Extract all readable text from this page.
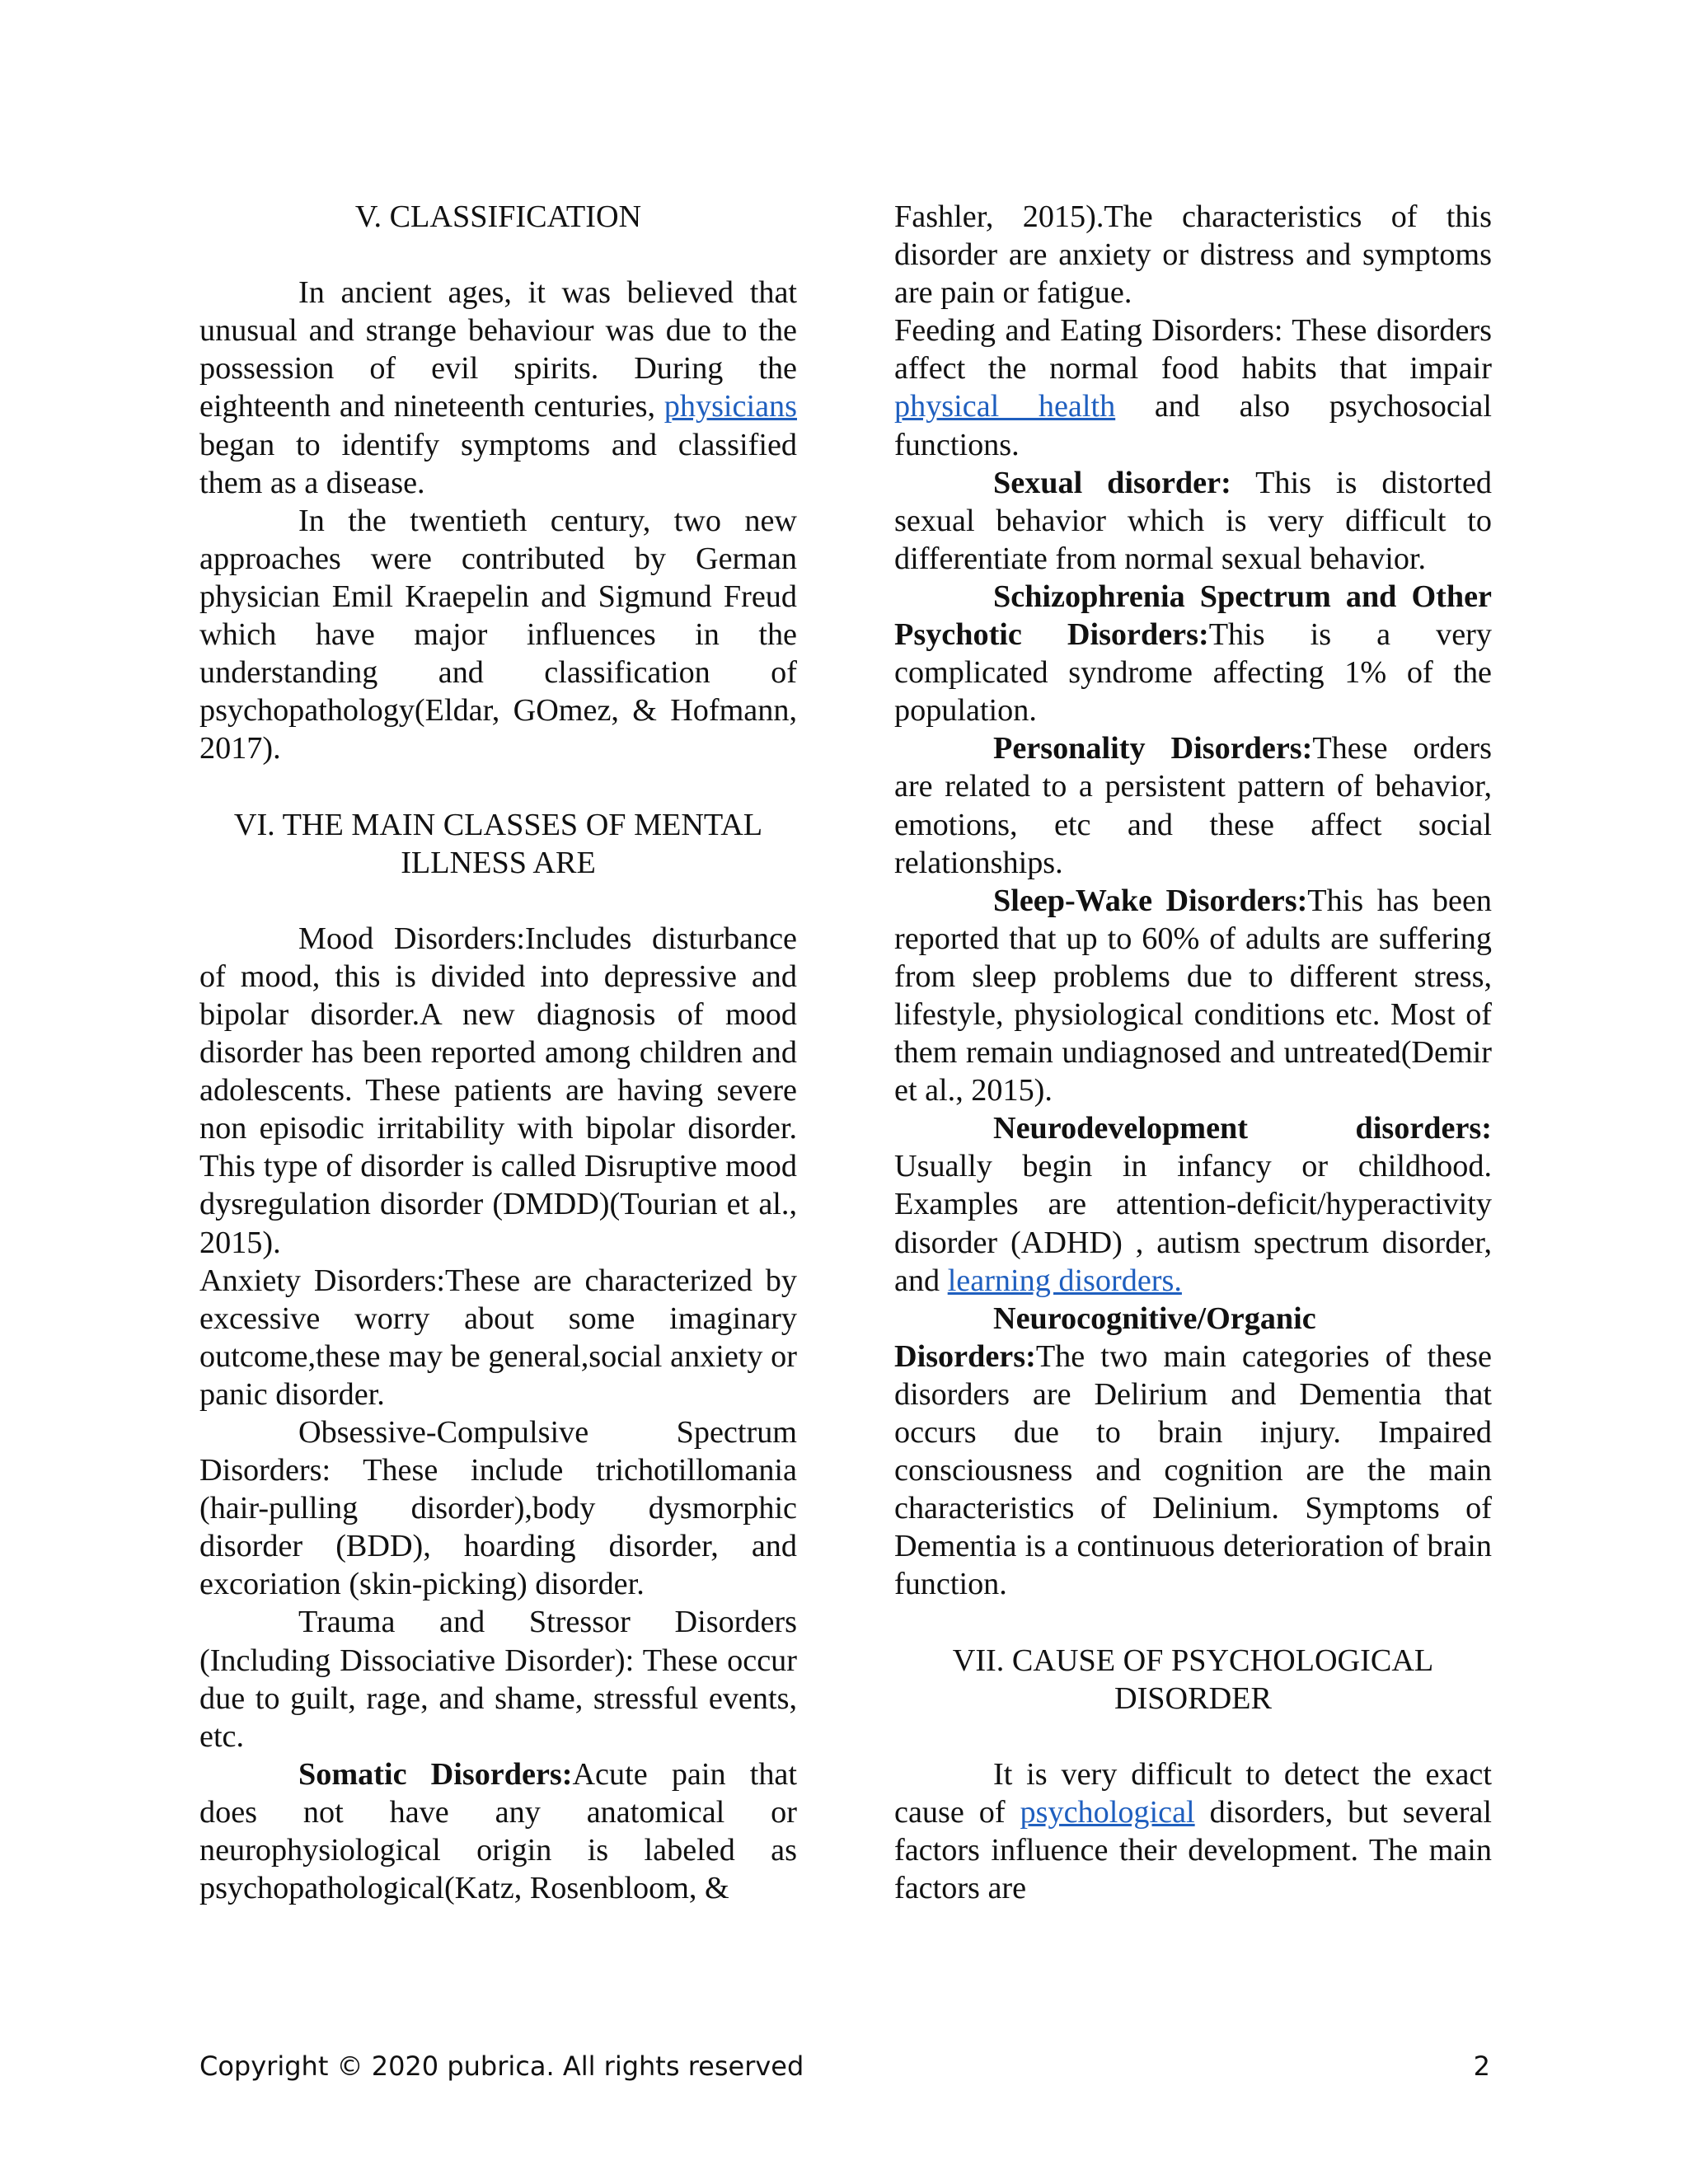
V. CLASSIFICATION

In ancient ages, it was believed that unusual and strange behaviour was due to the possession of evil spirits. During the eighteenth and nineteenth centuries, physicians began to identify symptoms and classified them as a disease.

In the twentieth century, two new approaches were contributed by German physician Emil Kraepelin and Sigmund Freud which have major influences in the understanding and classification of psychopathology(Eldar, GOmez, & Hofmann, 2017).

VI. THE MAIN CLASSES OF MENTAL
ILLNESS ARE

Mood Disorders:Includes disturbance of mood, this is divided into depressive and bipolar disorder.A new diagnosis of mood disorder has been reported among children and adolescents. These patients are having severe non episodic irritability with bipolar disorder. This type of disorder is called Disruptive mood dysregulation disorder (DMDD)(Tourian et al., 2015).

Anxiety Disorders:These are characterized by excessive worry about some imaginary outcome,these may be general,social anxiety or panic disorder.

Obsessive-Compulsive Spectrum Disorders: These include trichotillomania (hair-pulling disorder),body dysmorphic disorder (BDD), hoarding disorder, and excoriation (skin-picking) disorder.

Trauma and Stressor Disorders (Including Dissociative Disorder): These occur due to guilt, rage, and shame, stressful events, etc.

Somatic Disorders:Acute pain that does not have any anatomical or neurophysiological origin is labeled as psychopathological(Katz, Rosenbloom, &

Fashler, 2015).The characteristics of this disorder are anxiety or distress and symptoms are pain or fatigue.

Feeding and Eating Disorders: These disorders affect the normal food habits that impair physical health and also psychosocial functions.

Sexual disorder: This is distorted sexual behavior which is very difficult to differentiate from normal sexual behavior.

Schizophrenia Spectrum and Other Psychotic Disorders:This is a very complicated syndrome affecting 1% of the population.

Personality Disorders:These orders are related to a persistent pattern of behavior, emotions, etc and these affect social relationships.

Sleep-Wake Disorders:This has been reported that up to 60% of adults are suffering from sleep problems due to different stress, lifestyle, physiological conditions etc. Most of them remain undiagnosed and untreated(Demir et al., 2015).

Neurodevelopment disorders: Usually begin in infancy or childhood. Examples are attention-deficit/hyperactivity disorder (ADHD) , autism spectrum disorder, and learning disorders.

Neurocognitive/Organic

Disorders:The two main categories of these disorders are Delirium and Dementia that occurs due to brain injury. Impaired consciousness and cognition are the main characteristics of Delinium. Symptoms of Dementia is a continuous deterioration of brain function.

VII. CAUSE OF PSYCHOLOGICAL
DISORDER

It is very difficult to detect the exact cause of psychological disorders, but several factors influence their development. The main factors are

Copyright © 2020 pubrica. All rights reserved	2
